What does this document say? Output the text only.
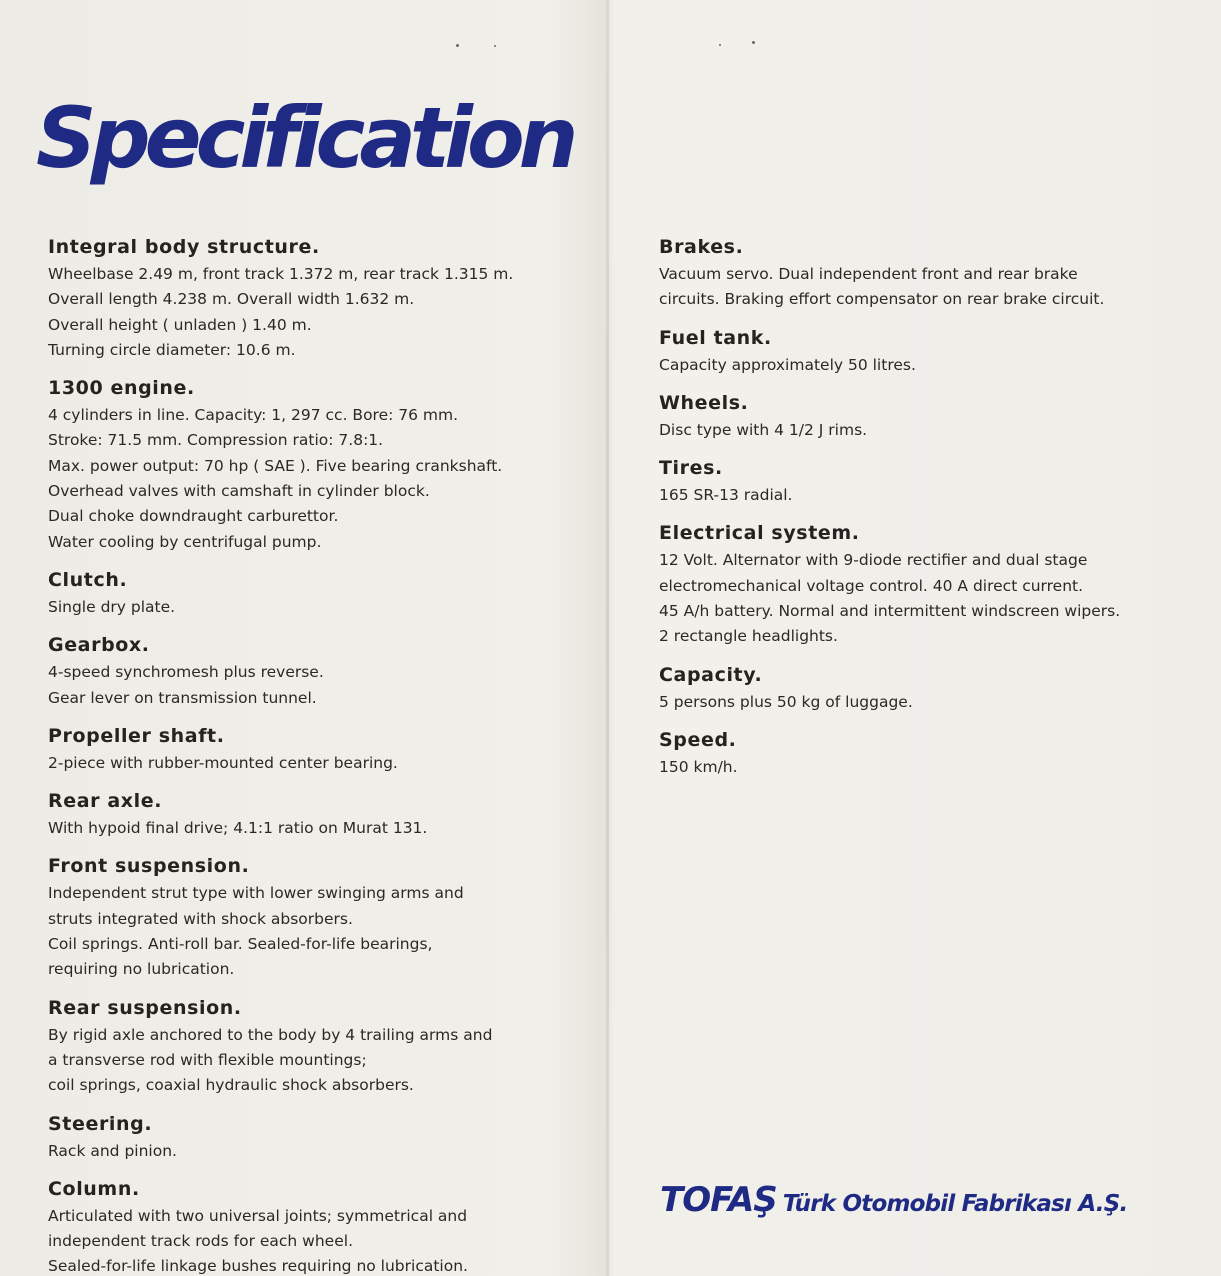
Specification
Integral body structure.
Wheelbase 2.49 m, front track 1.372 m, rear track 1.315 m.
Overall length 4.238 m. Overall width 1.632 m.
Overall height ( unladen ) 1.40 m.
Turning circle diameter: 10.6 m.
1300 engine.
4 cylinders in line. Capacity: 1, 297 cc. Bore: 76 mm.
Stroke: 71.5 mm. Compression ratio: 7.8:1.
Max. power output: 70 hp ( SAE ). Five bearing crankshaft.
Overhead valves with camshaft in cylinder block.
Dual choke downdraught carburettor.
Water cooling by centrifugal pump.
Clutch.
Single dry plate.
Gearbox.
4-speed synchromesh plus reverse.
Gear lever on transmission tunnel.
Propeller shaft.
2-piece with rubber-mounted center bearing.
Rear axle.
With hypoid final drive; 4.1:1 ratio on Murat 131.
Front suspension.
Independent strut type with lower swinging arms and
struts integrated with shock absorbers.
Coil springs. Anti-roll bar. Sealed-for-life bearings,
requiring no lubrication.
Rear suspension.
By rigid axle anchored to the body by 4 trailing arms and
a transverse rod with flexible mountings;
coil springs, coaxial hydraulic shock absorbers.
Steering.
Rack and pinion.
Column.
Articulated with two universal joints; symmetrical and
independent track rods for each wheel.
Sealed-for-life linkage bushes requiring no lubrication.
Brakes.
Vacuum servo. Dual independent front and rear brake
circuits. Braking effort compensator on rear brake circuit.
Fuel tank.
Capacity approximately 50 litres.
Wheels.
Disc type with 4 1/2 J rims.
Tires.
165 SR-13 radial.
Electrical system.
12 Volt. Alternator with 9-diode rectifier and dual stage
electromechanical voltage control. 40 A direct current.
45 A/h battery. Normal and intermittent windscreen wipers.
2 rectangle headlights.
Capacity.
5 persons plus 50 kg of luggage.
Speed.
150 km/h.
TOFAŞ Türk Otomobil Fabrikası A.Ş.
